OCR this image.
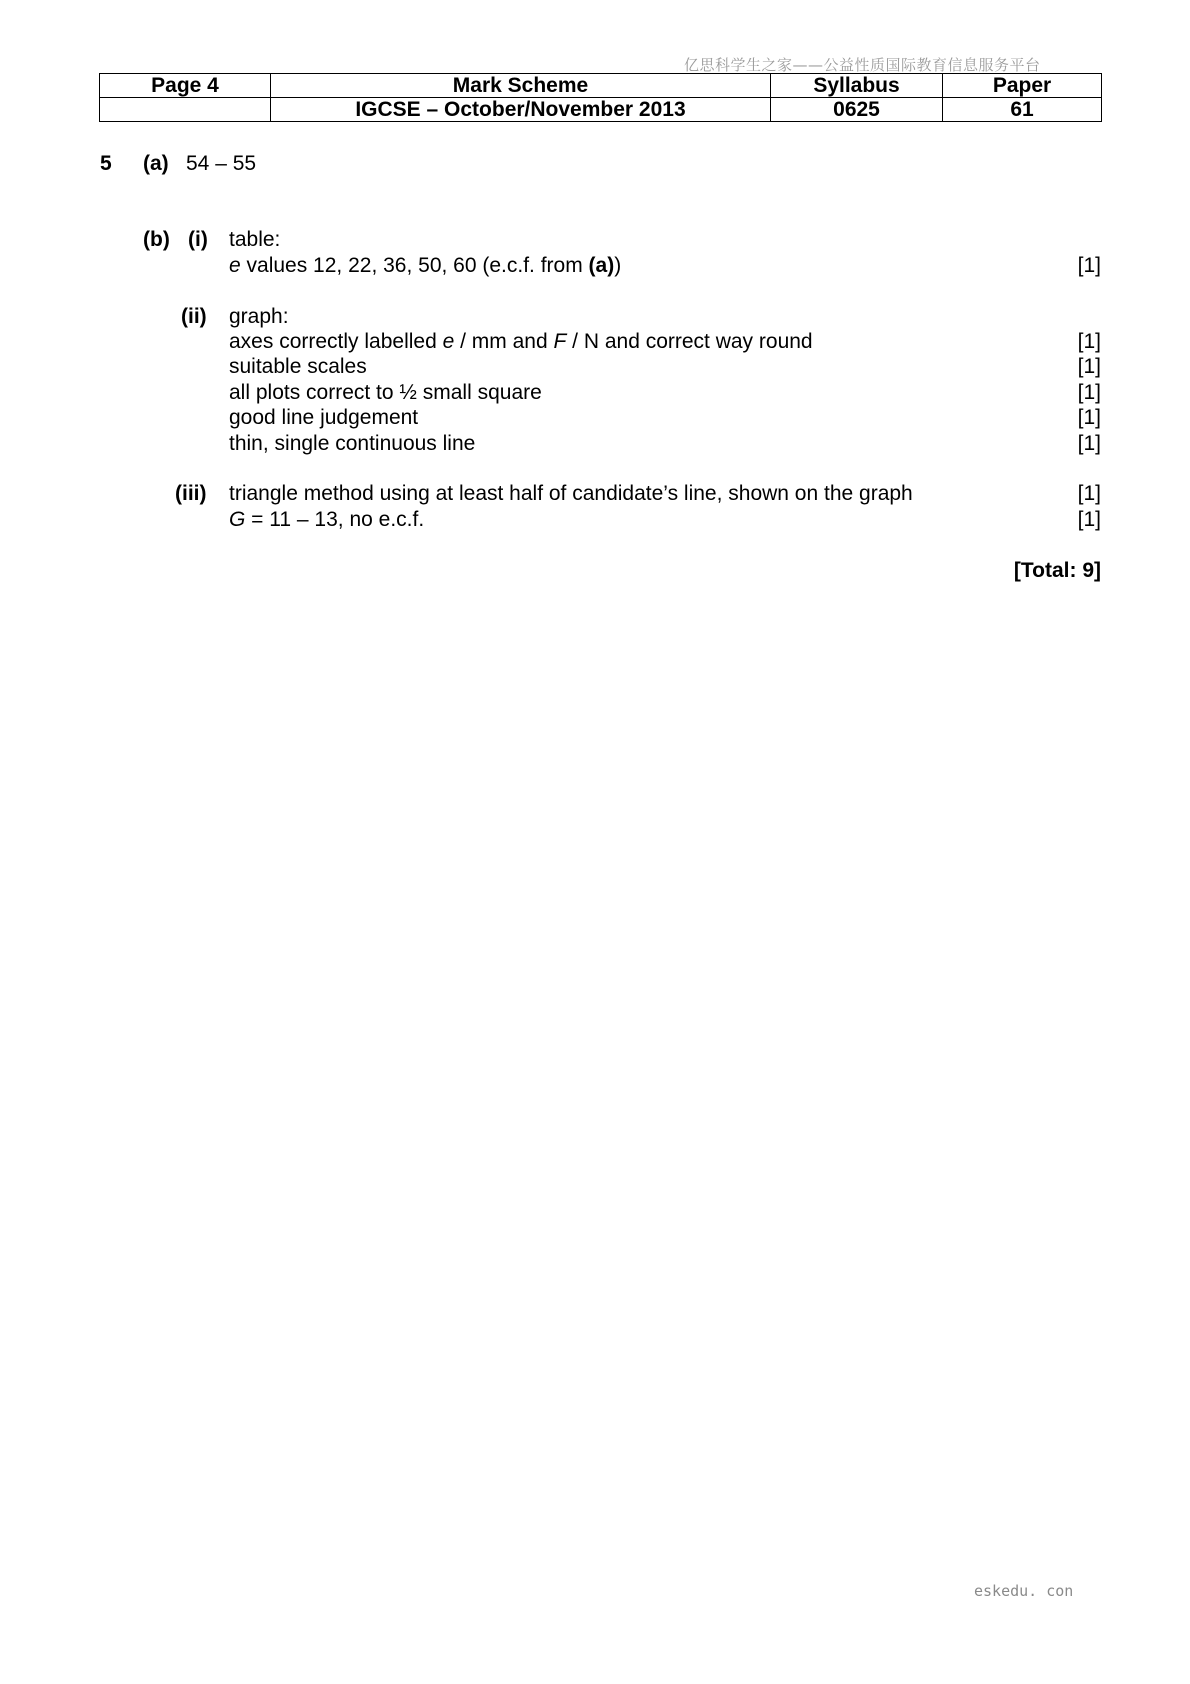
亿思科学生之家——公益性质国际教育信息服务平台
Page 4	Mark Scheme	Syllabus	Paper
	IGCSE – October/November 2013	0625	61
5 (a) 54 – 55
(b) (i) table:
e values 12, 22, 36, 50, 60 (e.c.f. from (a))	[1]
(ii) graph:
axes correctly labelled e / mm and F / N and correct way round	[1]
suitable scales	[1]
all plots correct to ½ small square	[1]
good line judgement	[1]
thin, single continuous line	[1]
(iii) triangle method using at least half of candidate’s line, shown on the graph	[1]
G = 11 – 13, no e.c.f.	[1]
[Total: 9]
eskedu. con
